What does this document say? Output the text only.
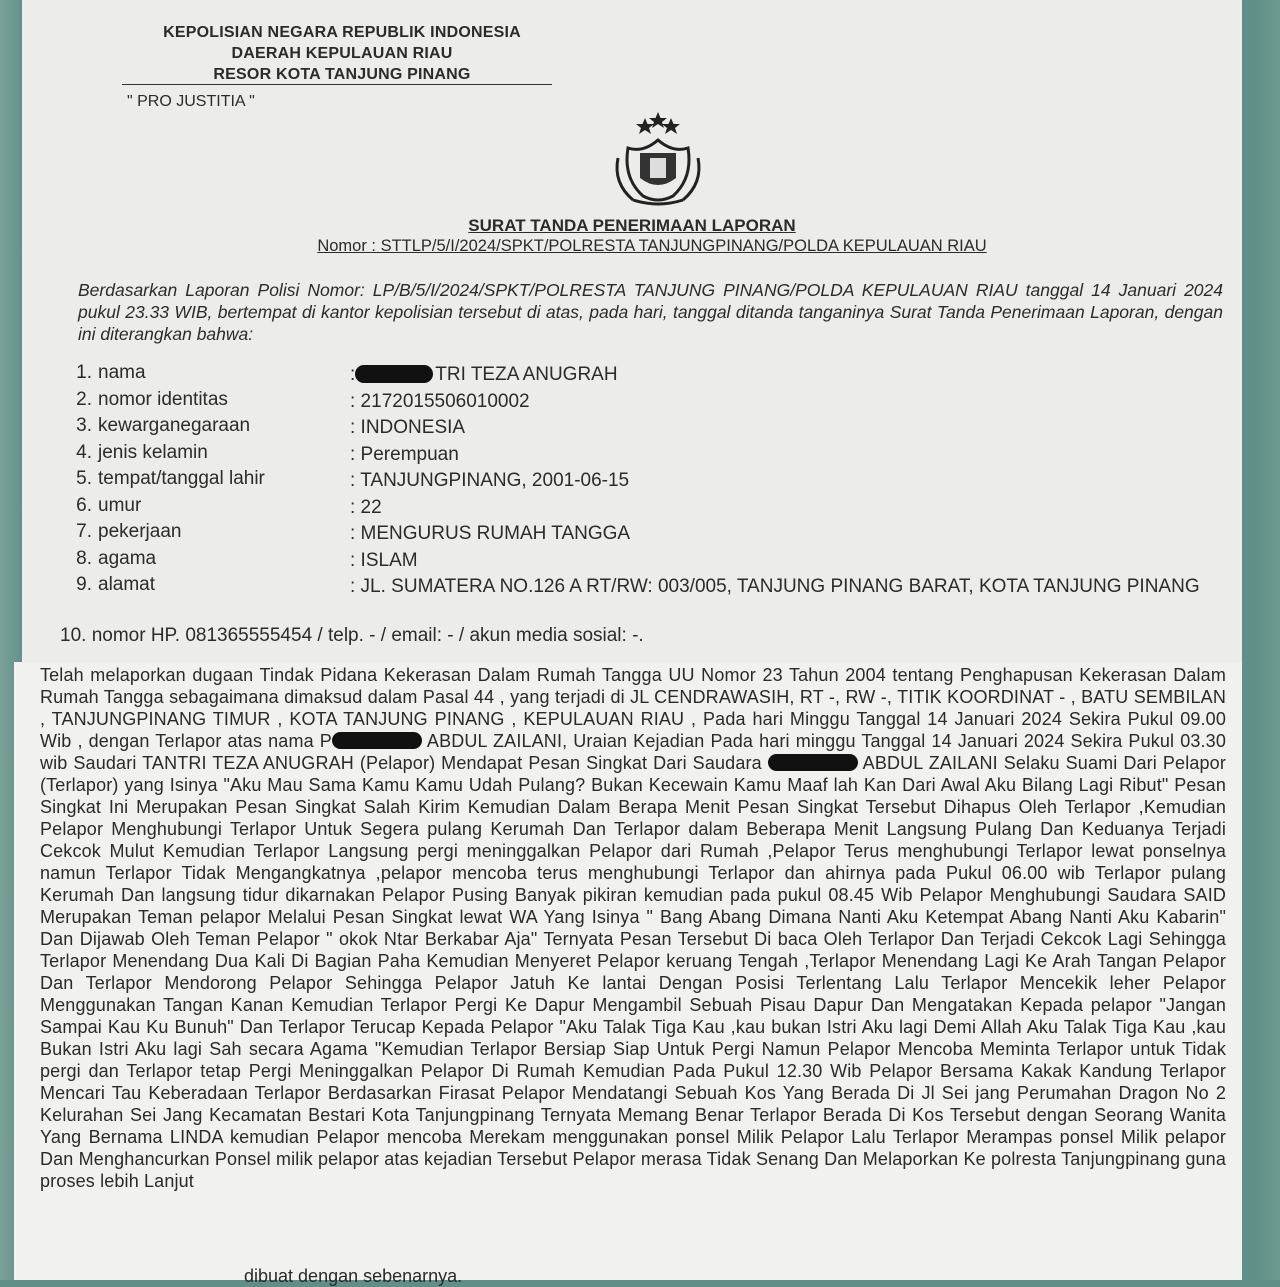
KEPOLISIAN NEGARA REPUBLIK INDONESIA
DAERAH KEPULAUAN RIAU
RESOR KOTA TANJUNG PINANG
" PRO JUSTITIA "
SURAT TANDA PENERIMAAN LAPORAN
Nomor : STTLP/5/I/2024/SPKT/POLRESTA TANJUNGPINANG/POLDA KEPULAUAN RIAU
Berdasarkan Laporan Polisi Nomor: LP/B/5/I/2024/SPKT/POLRESTA TANJUNG PINANG/POLDA KEPULAUAN RIAU tanggal 14 Januari 2024 pukul 23.33 WIB, bertempat di kantor kepolisian tersebut di atas, pada hari, tanggal ditanda tanganinya Surat Tanda Penerimaan Laporan, dengan ini diterangkan bahwa:
1. nama	:	TRI TEZA ANUGRAH
2. nomor identitas	: 2172015506010002
3. kewarganegaraan	: INDONESIA
4. jenis kelamin	: Perempuan
5. tempat/tanggal lahir	: TANJUNGPINANG, 2001-06-15
6. umur	: 22
7. pekerjaan	: MENGURUS RUMAH TANGGA
8. agama	: ISLAM
9. alamat	: JL. SUMATERA NO.126 A RT/RW: 003/005, TANJUNG PINANG BARAT, KOTA TANJUNG PINANG
10. nomor HP. 081365555454 / telp. - / email: - / akun media sosial: -.
Telah melaporkan dugaan Tindak Pidana Kekerasan Dalam Rumah Tangga UU Nomor 23 Tahun 2004 tentang Penghapusan Kekerasan Dalam Rumah Tangga sebagaimana dimaksud dalam Pasal 44 , yang terjadi di JL CENDRAWASIH, RT -, RW -, TITIK KOORDINAT - , BATU SEMBILAN , TANJUNGPINANG TIMUR , KOTA TANJUNG PINANG , KEPULAUAN RIAU , Pada hari Minggu Tanggal 14 Januari 2024 Sekira Pukul 09.00 Wib , dengan Terlapor atas nama P	ABDUL ZAILANI, Uraian Kejadian Pada hari minggu Tanggal 14 Januari 2024 Sekira Pukul 03.30 wib Saudari TANTRI TEZA ANUGRAH (Pelapor) Mendapat Pesan Singkat Dari Saudara	ABDUL ZAILANI Selaku Suami Dari Pelapor (Terlapor) yang Isinya "Aku Mau Sama Kamu Kamu Udah Pulang? Bukan Kecewain Kamu Maaf lah Kan Dari Awal Aku Bilang Lagi Ribut" Pesan Singkat Ini Merupakan Pesan Singkat Salah Kirim Kemudian Dalam Berapa Menit Pesan Singkat Tersebut Dihapus Oleh Terlapor ,Kemudian Pelapor Menghubungi Terlapor Untuk Segera pulang Kerumah Dan Terlapor dalam Beberapa Menit Langsung Pulang Dan Keduanya Terjadi Cekcok Mulut Kemudian Terlapor Langsung pergi meninggalkan Pelapor dari Rumah ,Pelapor Terus menghubungi Terlapor lewat ponselnya namun Terlapor Tidak Mengangkatnya ,pelapor mencoba terus menghubungi Terlapor dan ahirnya pada Pukul 06.00 wib Terlapor pulang Kerumah Dan langsung tidur dikarnakan Pelapor Pusing Banyak pikiran kemudian pada pukul 08.45 Wib Pelapor Menghubungi Saudara SAID Merupakan Teman pelapor Melalui Pesan Singkat lewat WA Yang Isinya " Bang Abang Dimana Nanti Aku Ketempat Abang Nanti Aku Kabarin" Dan Dijawab Oleh Teman Pelapor " okok Ntar Berkabar Aja" Ternyata Pesan Tersebut Di baca Oleh Terlapor Dan Terjadi Cekcok Lagi Sehingga Terlapor Menendang Dua Kali Di Bagian Paha Kemudian Menyeret Pelapor keruang Tengah ,Terlapor Menendang Lagi Ke Arah Tangan Pelapor Dan Terlapor Mendorong Pelapor Sehingga Pelapor Jatuh Ke lantai Dengan Posisi Terlentang Lalu Terlapor Mencekik leher Pelapor Menggunakan Tangan Kanan Kemudian Terlapor Pergi Ke Dapur Mengambil Sebuah Pisau Dapur Dan Mengatakan Kepada pelapor "Jangan Sampai Kau Ku Bunuh" Dan Terlapor Terucap Kepada Pelapor "Aku Talak Tiga Kau ,kau bukan Istri Aku lagi Demi Allah Aku Talak Tiga Kau ,kau Bukan Istri Aku lagi Sah secara Agama "Kemudian Terlapor Bersiap Siap Untuk Pergi Namun Pelapor Mencoba Meminta Terlapor untuk Tidak pergi dan Terlapor tetap Pergi Meninggalkan Pelapor Di Rumah Kemudian Pada Pukul 12.30 Wib Pelapor Bersama Kakak Kandung Terlapor Mencari Tau Keberadaan Terlapor Berdasarkan Firasat Pelapor Mendatangi Sebuah Kos Yang Berada Di Jl Sei jang Perumahan Dragon No 2 Kelurahan Sei Jang Kecamatan Bestari Kota Tanjungpinang Ternyata Memang Benar Terlapor Berada Di Kos Tersebut dengan Seorang Wanita Yang Bernama LINDA kemudian Pelapor mencoba Merekam menggunakan ponsel Milik Pelapor Lalu Terlapor Merampas ponsel Milik pelapor Dan Menghancurkan Ponsel milik pelapor atas kejadian Tersebut Pelapor merasa Tidak Senang Dan Melaporkan Ke polresta Tanjungpinang guna proses lebih Lanjut
dibuat dengan sebenarnya.
